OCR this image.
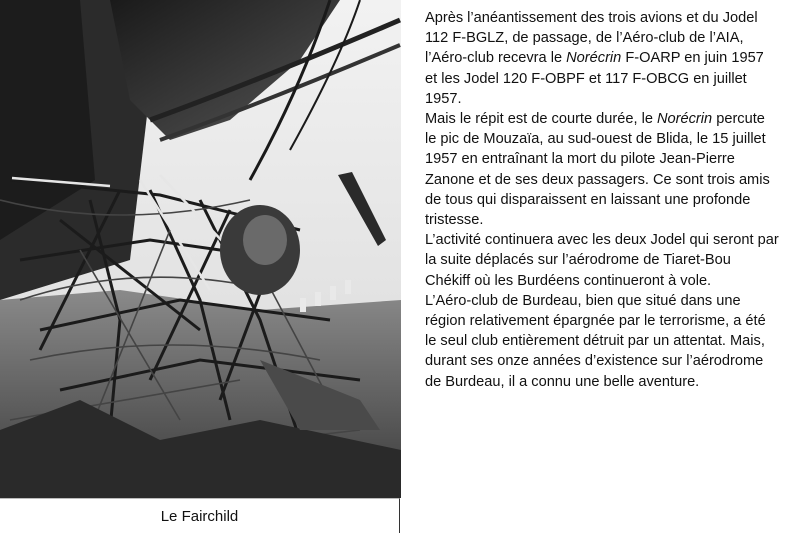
Le Fairchild

Après l’anéantissement des trois avions et du Jodel 112 F-BGLZ, de passage, de l’Aéro-club de l’AIA, l’Aéro-club recevra le Norécrin F-OARP en juin 1957 et les Jodel 120 F-OBPF et 117 F-OBCG en juillet 1957.

Mais le répit est de courte durée, le Norécrin percute le pic de Mouzaïa, au sud-ouest de Blida, le 15 juillet 1957 en entraînant la mort du pilote Jean-Pierre Zanone et de ses deux passagers. Ce sont trois amis de tous qui disparaissent en laissant une profonde tristesse.

L’activité continuera avec les deux Jodel qui seront par la suite déplacés sur l’aérodrome de Tiaret-Bou Chékiff où les Burdéens continueront à vole.

L’Aéro-club de Burdeau, bien que situé dans une région relativement épargnée par le terrorisme, a été le seul club entièrement détruit par un attentat. Mais, durant ses onze années d’existence sur l’aérodrome de Burdeau, il a connu une belle aventure.
